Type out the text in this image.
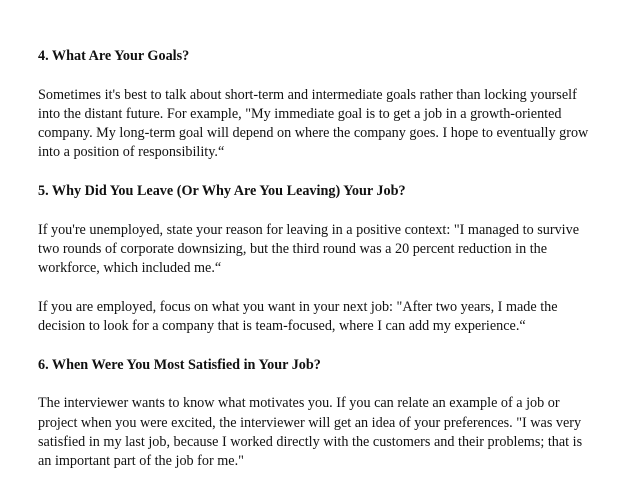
4. What Are Your Goals?

Sometimes it's best to talk about short-term and intermediate goals rather than locking yourself
into the distant future. For example, "My immediate goal is to get a job in a growth-oriented
company. My long-term goal will depend on where the company goes. I hope to eventually grow
into a position of responsibility.“

5. Why Did You Leave (Or Why Are You Leaving) Your Job?

If you're unemployed, state your reason for leaving in a positive context: "I managed to survive
two rounds of corporate downsizing, but the third round was a 20 percent reduction in the
workforce, which included me.“

If you are employed, focus on what you want in your next job: "After two years, I made the
decision to look for a company that is team-focused, where I can add my experience.“

6. When Were You Most Satisfied in Your Job?

The interviewer wants to know what motivates you. If you can relate an example of a job or
project when you were excited, the interviewer will get an idea of your preferences. "I was very
satisfied in my last job, because I worked directly with the customers and their problems; that is
an important part of the job for me."
